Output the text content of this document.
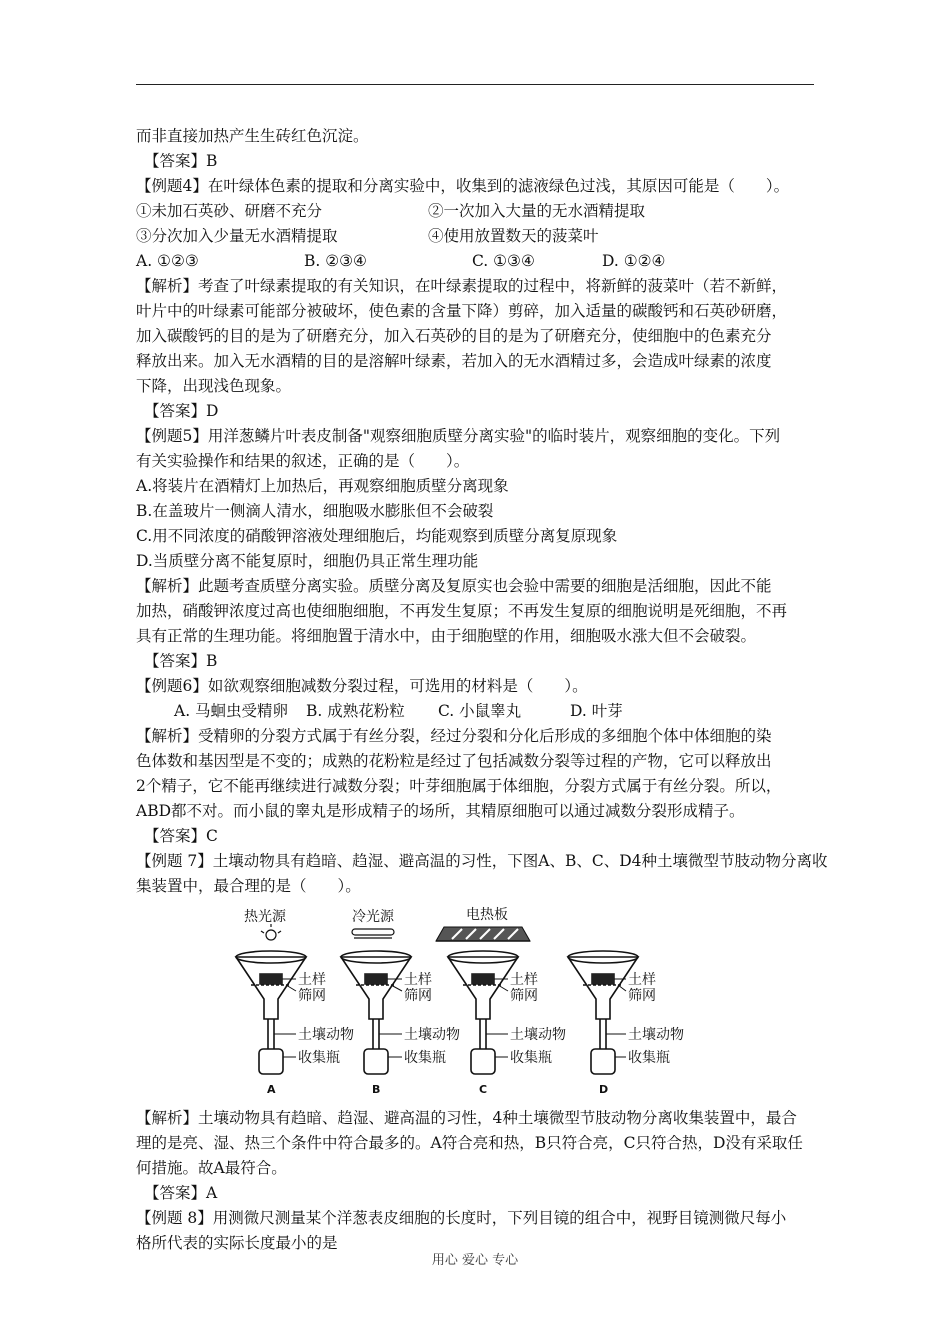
而非直接加热产生生砖红色沉淀。
【答案】B
【例题4】在叶绿体色素的提取和分离实验中，收集到的滤液绿色过浅，其原因可能是（　　）。
①未加石英砂、研磨不充分	②一次加入大量的无水酒精提取
③分次加入少量无水酒精提取	④使用放置数天的菠菜叶
A. ①②③	B. ②③④	C. ①③④	D. ①②④
【解析】考查了叶绿素提取的有关知识，在叶绿素提取的过程中，将新鲜的菠菜叶（若不新鲜，
叶片中的叶绿素可能部分被破坏，使色素的含量下降）剪碎，加入适量的碳酸钙和石英砂研磨，
加入碳酸钙的目的是为了研磨充分，加入石英砂的目的是为了研磨充分，使细胞中的色素充分
释放出来。加入无水酒精的目的是溶解叶绿素，若加入的无水酒精过多，会造成叶绿素的浓度
下降，出现浅色现象。
【答案】D
【例题5】用洋葱鳞片叶表皮制备"观察细胞质壁分离实验"的临时装片，观察细胞的变化。下列
有关实验操作和结果的叙述，正确的是（　　）。
A.将装片在酒精灯上加热后，再观察细胞质壁分离现象
B.在盖玻片一侧滴人清水，细胞吸水膨胀但不会破裂
C.用不同浓度的硝酸钾溶液处理细胞后，均能观察到质壁分离复原现象
D.当质壁分离不能复原时，细胞仍具正常生理功能
【解析】此题考查质壁分离实验。质壁分离及复原实也会验中需要的细胞是活细胞，因此不能
加热，硝酸钾浓度过高也使细胞细胞，不再发生复原；不再发生复原的细胞说明是死细胞，不再
具有正常的生理功能。将细胞置于清水中，由于细胞壁的作用，细胞吸水涨大但不会破裂。
【答案】B
【例题6】如欲观察细胞减数分裂过程，可选用的材料是（　　）。
A. 马蛔虫受精卵	B. 成熟花粉粒	C. 小鼠睾丸	D. 叶芽
【解析】受精卵的分裂方式属于有丝分裂，经过分裂和分化后形成的多细胞个体中体细胞的染
色体数和基因型是不变的；成熟的花粉粒是经过了包括减数分裂等过程的产物，它可以释放出
2个精子，它不能再继续进行减数分裂；叶芽细胞属于体细胞，分裂方式属于有丝分裂。所以，
ABD都不对。而小鼠的睾丸是形成精子的场所，其精原细胞可以通过减数分裂形成精子。
【答案】C
【例题 7】土壤动物具有趋暗、趋湿、避高温的习性，下图A、B、C、D4种土壤微型节肢动物分离收
集装置中，最合理的是（　　）。
热光源	冷光源	电热板
土样
筛网
土壤动物
收集瓶
土样
筛网
土壤动物
收集瓶
土样
筛网
土壤动物
收集瓶
土样
筛网
土壤动物
收集瓶
A	B	C	D
【解析】土壤动物具有趋暗、趋湿、避高温的习性，4种土壤微型节肢动物分离收集装置中，最合
理的是亮、湿、热三个条件中符合最多的。A符合亮和热，B只符合亮，C只符合热，D没有采取任
何措施。故A最符合。
【答案】A
【例题 8】用测微尺测量某个洋葱表皮细胞的长度时，下列目镜的组合中，视野目镜测微尺每小
格所代表的实际长度最小的是
用心 爱心 专心
